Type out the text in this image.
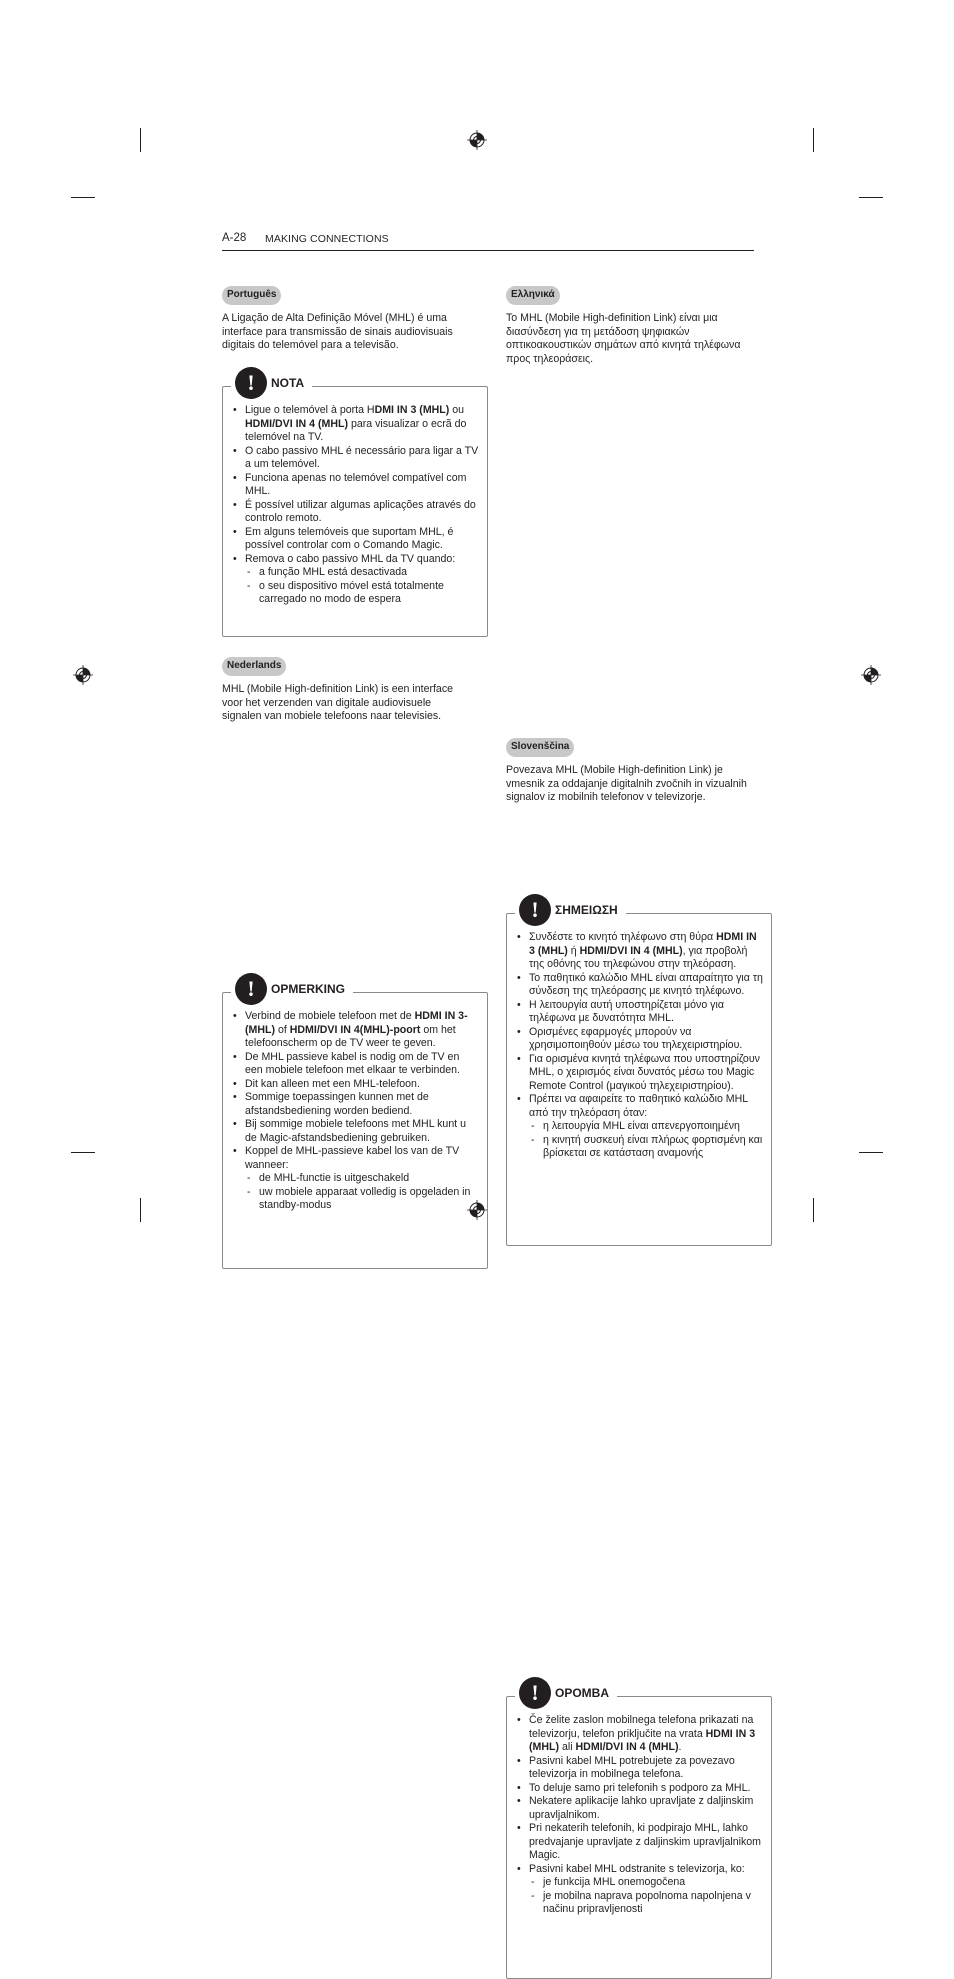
A-28 MAKING CONNECTIONS
Português
A Ligação de Alta Definição Móvel (MHL) é uma interface para transmissão de sinais audiovisuais digitais do telemóvel para a televisão.
!	NOTA
• Ligue o telemóvel à porta HDMI IN 3 (MHL) ou HDMI/DVI IN 4 (MHL) para visualizar o ecrã do telemóvel na TV.
• O cabo passivo MHL é necessário para ligar a TV a um telemóvel.
• Funciona apenas no telemóvel compatível com MHL.
• É possível utilizar algumas aplicações através do controlo remoto.
• Em alguns telemóveis que suportam MHL, é possível controlar com o Comando Magic.
• Remova o cabo passivo MHL da TV quando:
- a função MHL está desactivada
- o seu dispositivo móvel está totalmente carregado no modo de espera
Nederlands
MHL (Mobile High-definition Link) is een interface voor het verzenden van digitale audiovisuele signalen van mobiele telefoons naar televisies.
!	OPMERKING
• Verbind de mobiele telefoon met de HDMI IN 3- (MHL) of HDMI/DVI IN 4(MHL)-poort om het telefoonscherm op de TV weer te geven.
• De MHL passieve kabel is nodig om de TV en een mobiele telefoon met elkaar te verbinden.
• Dit kan alleen met een MHL-telefoon.
• Sommige toepassingen kunnen met de afstandsbediening worden bediend.
• Bij sommige mobiele telefoons met MHL kunt u de Magic-afstandsbediening gebruiken.
• Koppel de MHL-passieve kabel los van de TV wanneer:
- de MHL-functie is uitgeschakeld
- uw mobiele apparaat volledig is opgeladen in standby-modus
Ελληνικά
Το MHL (Mobile High-definition Link) είναι μια διασύνδεση για τη μετάδοση ψηφιακών οπτικοακουστικών σημάτων από κινητά τηλέφωνα προς τηλεοράσεις.
!	ΣΗΜΕΙΩΣΗ
• Συνδέστε το κινητό τηλέφωνο στη θύρα HDMI IN 3 (MHL) ή HDMI/DVI IN 4 (MHL), για προβολή της οθόνης του τηλεφώνου στην τηλεόραση.
• Το παθητικό καλώδιο MHL είναι απαραίτητο για τη σύνδεση της τηλεόρασης με κινητό τηλέφωνο.
• Η λειτουργία αυτή υποστηρίζεται μόνο για τηλέφωνα με δυνατότητα MHL.
• Ορισμένες εφαρμογές μπορούν να χρησιμοποιηθούν μέσω του τηλεχειριστηρίου.
• Για ορισμένα κινητά τηλέφωνα που υποστηρίζουν MHL, ο χειρισμός είναι δυνατός μέσω του Magic Remote Control (μαγικού τηλεχειριστηρίου).
• Πρέπει να αφαιρείτε το παθητικό καλώδιο MHL από την τηλεόραση όταν:
- η λειτουργία MHL είναι απενεργοποιημένη
- η κινητή συσκευή είναι πλήρως φορτισμένη και βρίσκεται σε κατάσταση αναμονής
Slovenščina
Povezava MHL (Mobile High-definition Link) je vmesnik za oddajanje digitalnih zvočnih in vizualnih signalov iz mobilnih telefonov v televizorje.
!	OPOMBA
• Če želite zaslon mobilnega telefona prikazati na televizorju, telefon priključite na vrata HDMI IN 3 (MHL) ali HDMI/DVI IN 4 (MHL).
• Pasivni kabel MHL potrebujete za povezavo televizorja in mobilnega telefona.
• To deluje samo pri telefonih s podporo za MHL.
• Nekatere aplikacije lahko upravljate z daljinskim upravljalnikom.
• Pri nekaterih telefonih, ki podpirajo MHL, lahko predvajanje upravljate z daljinskim upravljalnikom Magic.
• Pasivni kabel MHL odstranite s televizorja, ko:
- je funkcija MHL onemogočena
- je mobilna naprava popolnoma napolnjena v načinu pripravljenosti
